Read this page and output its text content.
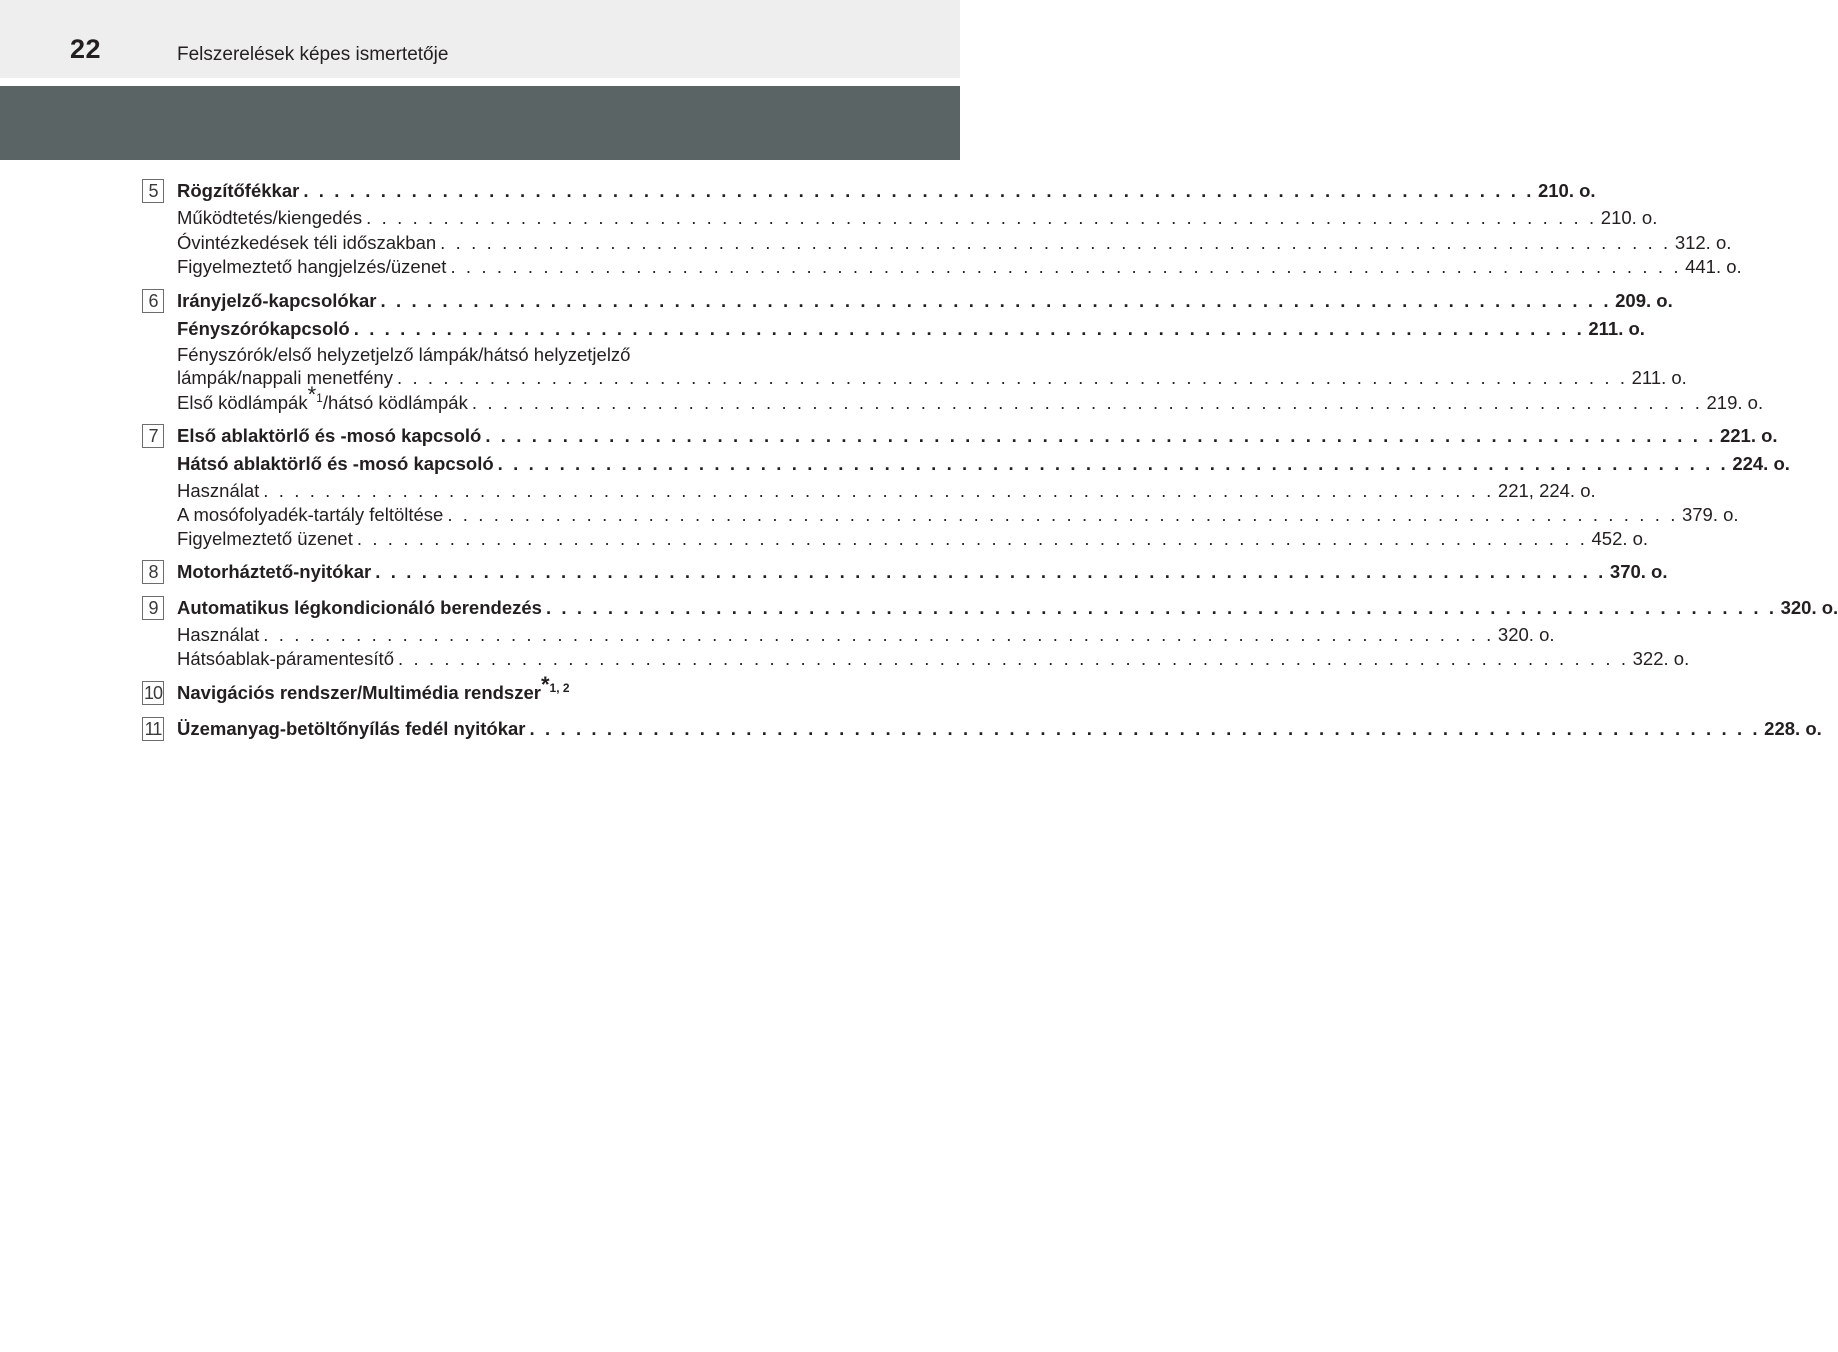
22	Felszerelések képes ismertetője
5	Rögzítőfékkar . . . . . . . . . . . . . . . . . . . . . . . . . . . . . . . . . . . . . . . . . . . . . . . . . . . . . . . . . . . . . . . . . . . . . . . . . . . . . . . . 210. o.
Működtetés/kiengedés . . . . . . . . . . . . . . . . . . . . . . . . . . . . . . . . . . . . . . . . . . . . . . . . . . . . . . . . . . . . . . . . . . . . . . . . . . . . . . . . 210. o.
Óvintézkedések téli időszakban . . . . . . . . . . . . . . . . . . . . . . . . . . . . . . . . . . . . . . . . . . . . . . . . . . . . . . . . . . . . . . . . . . . . . . . . . . . . . . . . 312. o.
Figyelmeztető hangjelzés/üzenet . . . . . . . . . . . . . . . . . . . . . . . . . . . . . . . . . . . . . . . . . . . . . . . . . . . . . . . . . . . . . . . . . . . . . . . . . . . . . . . . 441. o.
6	Irányjelző-kapcsolókar . . . . . . . . . . . . . . . . . . . . . . . . . . . . . . . . . . . . . . . . . . . . . . . . . . . . . . . . . . . . . . . . . . . . . . . . . . . . . . . . 209. o.
Fényszórókapcsoló . . . . . . . . . . . . . . . . . . . . . . . . . . . . . . . . . . . . . . . . . . . . . . . . . . . . . . . . . . . . . . . . . . . . . . . . . . . . . . . . 211. o.
Fényszórók/első helyzetjelző lámpák/hátsó helyzetjelző
lámpák/nappali menetfény . . . . . . . . . . . . . . . . . . . . . . . . . . . . . . . . . . . . . . . . . . . . . . . . . . . . . . . . . . . . . . . . . . . . . . . . . . . . . . . . 211. o.
Első ködlámpák$^{*1}$/hátsó ködlámpák . . . . . . . . . . . . . . . . . . . . . . . . . . . . . . . . . . . . . . . . . . . . . . . . . . . . . . . . . . . . . . . . . . . . . . . . . . . . . . . . 219. o.
7	Első ablaktörlő és -mosó kapcsoló . . . . . . . . . . . . . . . . . . . . . . . . . . . . . . . . . . . . . . . . . . . . . . . . . . . . . . . . . . . . . . . . . . . . . . . . . . . . . . . . 221. o.
Hátsó ablaktörlő és -mosó kapcsoló . . . . . . . . . . . . . . . . . . . . . . . . . . . . . . . . . . . . . . . . . . . . . . . . . . . . . . . . . . . . . . . . . . . . . . . . . . . . . . . . 224. o.
Használat . . . . . . . . . . . . . . . . . . . . . . . . . . . . . . . . . . . . . . . . . . . . . . . . . . . . . . . . . . . . . . . . . . . . . . . . . . . . . . . . 221, 224. o.
A mosófolyadék-tartály feltöltése . . . . . . . . . . . . . . . . . . . . . . . . . . . . . . . . . . . . . . . . . . . . . . . . . . . . . . . . . . . . . . . . . . . . . . . . . . . . . . . . 379. o.
Figyelmeztető üzenet . . . . . . . . . . . . . . . . . . . . . . . . . . . . . . . . . . . . . . . . . . . . . . . . . . . . . . . . . . . . . . . . . . . . . . . . . . . . . . . . 452. o.
8	Motorháztető-nyitókar . . . . . . . . . . . . . . . . . . . . . . . . . . . . . . . . . . . . . . . . . . . . . . . . . . . . . . . . . . . . . . . . . . . . . . . . . . . . . . . . 370. o.
9	Automatikus légkondicionáló berendezés . . . . . . . . . . . . . . . . . . . . . . . . . . . . . . . . . . . . . . . . . . . . . . . . . . . . . . . . . . . . . . . . . . . . . . . . . . . . . . . . 320. o.
Használat . . . . . . . . . . . . . . . . . . . . . . . . . . . . . . . . . . . . . . . . . . . . . . . . . . . . . . . . . . . . . . . . . . . . . . . . . . . . . . . . 320. o.
Hátsóablak-páramentesítő . . . . . . . . . . . . . . . . . . . . . . . . . . . . . . . . . . . . . . . . . . . . . . . . . . . . . . . . . . . . . . . . . . . . . . . . . . . . . . . . 322. o.
10 Navigációs rendszer/Multimédia rendszer$^{*1, 2}$
11 Üzemanyag-betöltőnyílás fedél nyitókar . . . . . . . . . . . . . . . . . . . . . . . . . . . . . . . . . . . . . . . . . . . . . . . . . . . . . . . . . . . . . . . . . . . . . . . . . . . . . . . . 228. o.
